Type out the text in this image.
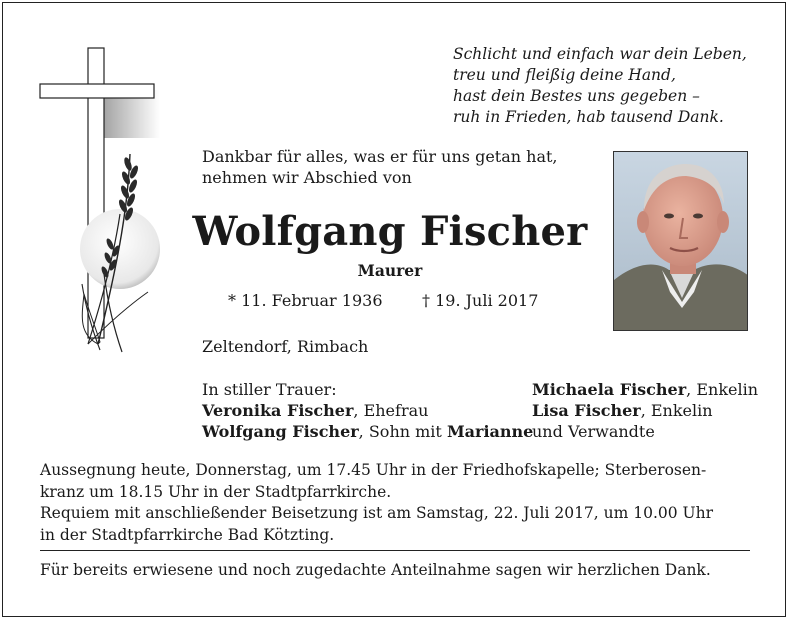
Schlicht und einfach war dein Leben,
treu und fleißig deine Hand,
hast dein Bestes uns gegeben –
ruh in Frieden, hab tausend Dank.
Dankbar für alles, was er für uns getan hat,
nehmen wir Abschied von
Wolfgang Fischer
Maurer
* 11. Februar 1936 † 19. Juli 2017
Zeltendorf, Rimbach
In stiller Trauer:
Veronika Fischer, Ehefrau
Wolfgang Fischer, Sohn mit Marianne
Michaela Fischer, Enkelin
Lisa Fischer, Enkelin
und Verwandte
Aussegnung heute, Donnerstag, um 17.45 Uhr in der Friedhofskapelle; Sterberosen-
kranz um 18.15 Uhr in der Stadtpfarrkirche.
Requiem mit anschließender Beisetzung ist am Samstag, 22. Juli 2017, um 10.00 Uhr
in der Stadtpfarrkirche Bad Kötzting.
Für bereits erwiesene und noch zugedachte Anteilnahme sagen wir herzlichen Dank.
